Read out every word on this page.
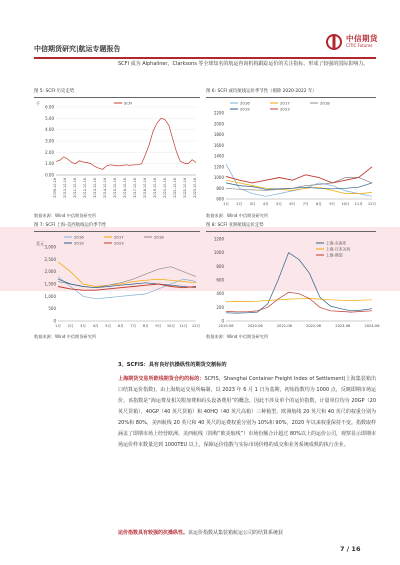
中信期货研究|航运专题报告
中信期货
CITIC Futures
SCFI 成为 Alphaliner、Clarksons 等全球知名的航运咨询机构跟踪运价的关注指标，形成了较强的国际影响力。
图 5: SCFI 历史走势	图 6: SCFI 或均航线运价季节性（剔除 2020-2022 年）
0.00
1.00
2.00
3.00
4.00
5.00
6.00
千
2009-10-16 2010-10-16 2011-10-16 2012-10-16 2013-10-16 2014-10-16 2015-10-16 2016-10-16 2017-10-16 2018-10-16 2019-10-16 2020-10-16 2021-10-16 2022-10-16 2023-10-16
SCFI
600
800
1000
1200
1400
1600
1800
2000
2200
1月 2月 3月 4月 5月 6月 7月 8月 9月 10月 11月 12月
2016	2017	2018
2019	2023
数据来源：Wind 中信期货研究所	数据来源：Wind 中信期货研究所
图 7: SCFI 上海-美西航线运价季节性	图 8: SCFI 亚洲航线运价走势
0
500
1,000
1,500
2,000
2,500
3,000
美元
1月 2月 3月 4月 5月 6月 7月 8月 9月 10月 11月 12月
2016	2017	2018
2019	2023
0
200
400
600
800
1000
1200
2019-06	2020-06	2021-06	2022-06	2023-06	2024-06
上海-东南亚
上海-日本关西
上海-韩国
数据来源：Wind 中信期货研究所	数据来源：Wind 中信期货研究所
3、SCFIS：具有良好抗操纵性的期货交割标的
上海期货交易所欧线期货合约的标的：SCFIS，Shanghai Container Freight Index of Settlement(上海集装箱出口结算运价指数)，由上海航运交易所编制，以 2023 年 6 月 1 日为基期，初始指数均为 1000 点，反映即期市场运价。该指数是“海运费及相关附加费和码头设备费用”的概念，因此不涉及单个的运价指数，计量单位均为 20GP（20 英尺货箱），40GP（40 英尺货箱）和 40HQ（40 英尺高箱）三种箱型，欧洲航线 20 英尺和 40 英尺的权重分别为 20%和 80%，美西航线 20 英尺和 40 英尺的运费权重分别为 10%和 90%，2020 年以来权重保持不变。指数取样涵盖了即期市场上经营欧洲、美西航线（简称“欧美航线”）市场份额合计超过 80%以上的运价公司，观察显示即期市场运价样本数量达到 1000TEU 以上，保障运价指数与实际市场价格的成交和业务系统成熟的执行企业。
运价指数具有较强的抗操纵性。该运价指数从集装箱航运公司的结算系统获
7 / 16
